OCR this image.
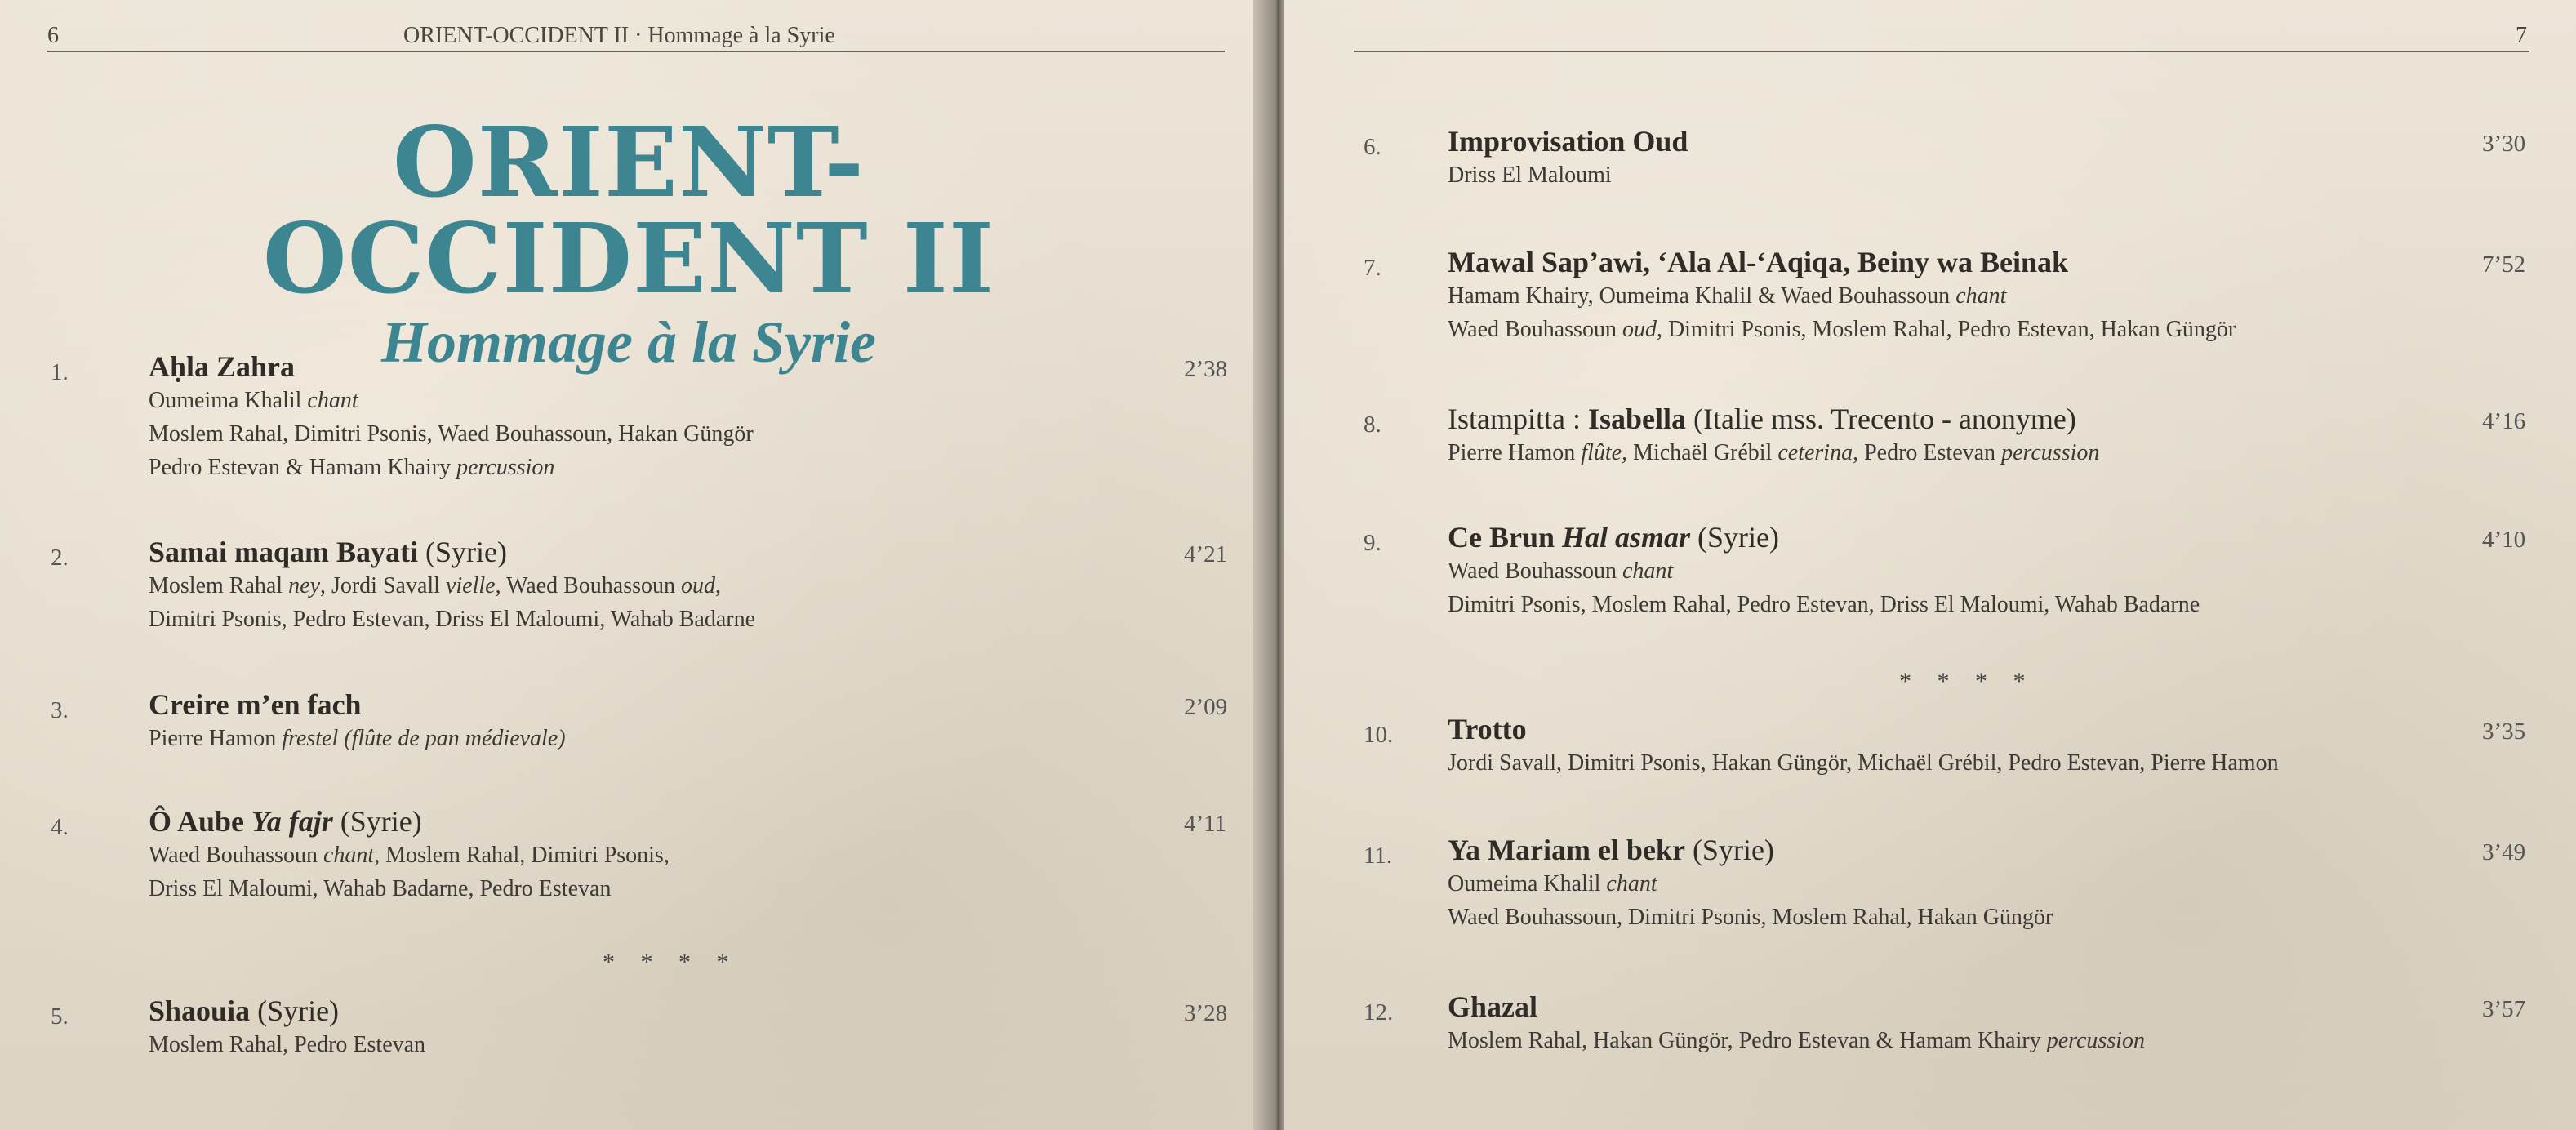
6	ORIENT-OCCIDENT II · Hommage à la Syrie
ORIENT-OCCIDENT II
Hommage à la Syrie
1.	Aḥla Zahra
Oumeima Khalil chant
Moslem Rahal, Dimitri Psonis, Waed Bouhassoun, Hakan Güngör
Pedro Estevan & Hamam Khairy percussion
2’38
2.	Samai maqam Bayati (Syrie)
Moslem Rahal ney, Jordi Savall vielle, Waed Bouhassoun oud,
Dimitri Psonis, Pedro Estevan, Driss El Maloumi, Wahab Badarne
4’21
3.	Creire m’en fach
Pierre Hamon frestel (flûte de pan médievale)
2’09
4.	Ô Aube Ya fajr (Syrie)
Waed Bouhassoun chant, Moslem Rahal, Dimitri Psonis,
Driss El Maloumi, Wahab Badarne, Pedro Estevan
4’11
* * * *
5.	Shaouia (Syrie)
Moslem Rahal, Pedro Estevan
3’28
7
6. Improvisation Oud
Driss El Maloumi
3’30
7. Mawal Sap’awi, ‘Ala Al-‘Aqiqa, Beiny wa Beinak
Hamam Khairy, Oumeima Khalil & Waed Bouhassoun chant
Waed Bouhassoun oud, Dimitri Psonis, Moslem Rahal, Pedro Estevan, Hakan Güngör
7’52
8. Istampitta : Isabella (Italie mss. Trecento - anonyme)
Pierre Hamon flûte, Michaël Grébil ceterina, Pedro Estevan percussion
4’16
9. Ce Brun Hal asmar (Syrie)
Waed Bouhassoun chant
Dimitri Psonis, Moslem Rahal, Pedro Estevan, Driss El Maloumi, Wahab Badarne
4’10
* * * *
10. Trotto
Jordi Savall, Dimitri Psonis, Hakan Güngör, Michaël Grébil, Pedro Estevan, Pierre Hamon
3’35
11. Ya Mariam el bekr (Syrie)
Oumeima Khalil chant
Waed Bouhassoun, Dimitri Psonis, Moslem Rahal, Hakan Güngör
3’49
12. Ghazal
Moslem Rahal, Hakan Güngör, Pedro Estevan & Hamam Khairy percussion
3’57
